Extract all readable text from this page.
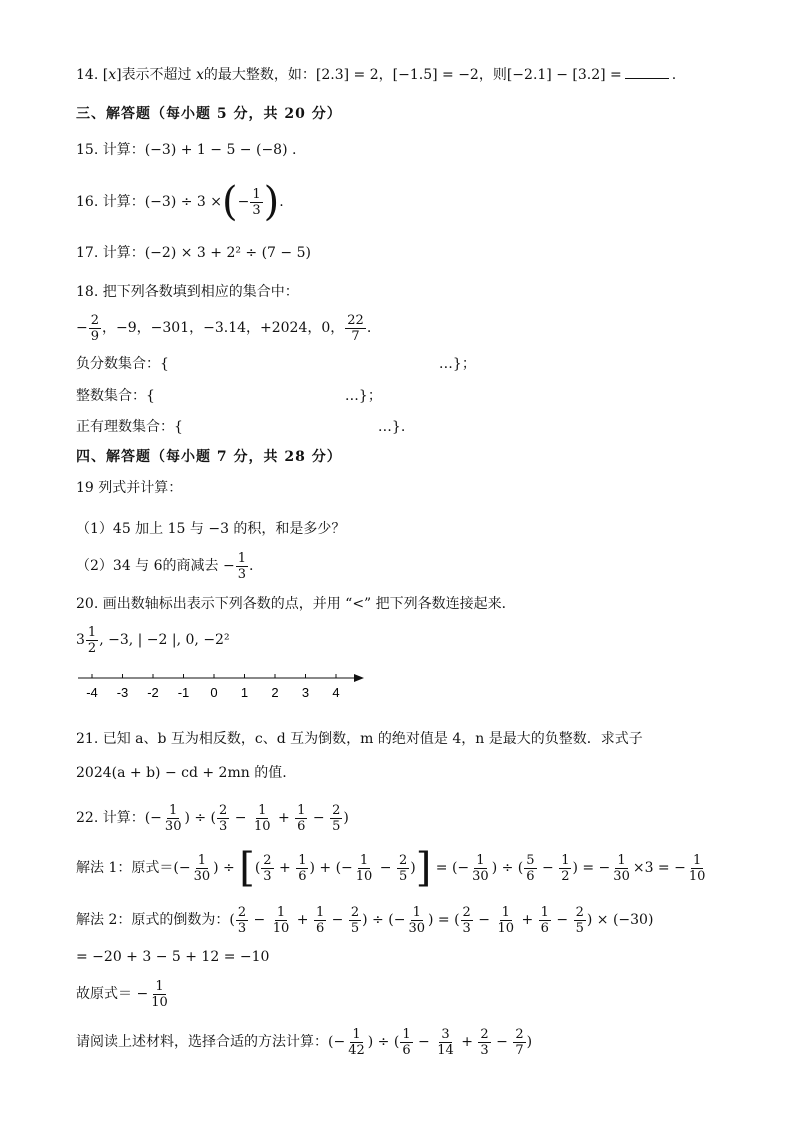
14. [x]表示不超过 x的最大整数，如：[2.3] = 2，[−1.5] = −2，则[−2.1] − [3.2] =	.
三、解答题（每小题 5 分，共 20 分）
15. 计算：(−3) + 1 − 5 − (−8) .
16. 计算：(−3) ÷ 3 ×(− $\frac{1}{3}$ ).
17. 计算：(−2) × 3 + 2² ÷ (7 − 5)
18. 把下列各数填到相应的集合中：
− $\frac{2}{9}$ ，−9，−301，−3.14，+2024，0， $\frac{22}{7}$ .
负分数集合：{	…}；
整数集合：{	…}；
正有理数集合：{	…}.
四、解答题（每小题 7 分，共 28 分）
19 列式并计算：
（1）45 加上 15 与 −3 的积，和是多少？
（2）34 与 6的商减去 − $\frac{1}{3}$ .
20. 画出数轴标出表示下列各数的点，并用 “<” 把下列各数连接起来．
$3 \frac{1}{2}$ , −3, | −2 |, 0, −2²
-4 -3 -2 -1 0 1 2 3 4
21. 已知 a、b 互为相反数，c、d 互为倒数，m 的绝对值是 4，n 是最大的负整数．求式子
2024(a + b) − cd + 2mn 的值.
22. 计算：(− $\frac{1}{30}$ ) ÷ ( $\frac{2}{3} - \frac{1}{10} + \frac{1}{6} - \frac{2}{5}$ )
解法 1：原式＝(− $\frac{1}{30}$ ) ÷ [( $\frac{2}{3} + \frac{1}{6}$ ) + (− $\frac{1}{10} - \frac{2}{5}$ )] = (− $\frac{1}{30}$ ) ÷ ( $\frac{5}{6} - \frac{1}{2}$ ) = − $\frac{1}{30} \times 3$ = − $\frac{1}{10}$
解法 2：原式的倒数为：( $\frac{2}{3} - \frac{1}{10} + \frac{1}{6} - \frac{2}{5}$ ) ÷ (− $\frac{1}{30}$ ) = ( $\frac{2}{3} - \frac{1}{10} + \frac{1}{6} - \frac{2}{5}$ ) × (−30)
= −20 + 3 − 5 + 12 = −10
故原式＝ − $\frac{1}{10}$
请阅读上述材料，选择合适的方法计算：(− $\frac{1}{42}$ ) ÷ ( $\frac{1}{6} - \frac{3}{14} + \frac{2}{3} - \frac{2}{7}$ )
